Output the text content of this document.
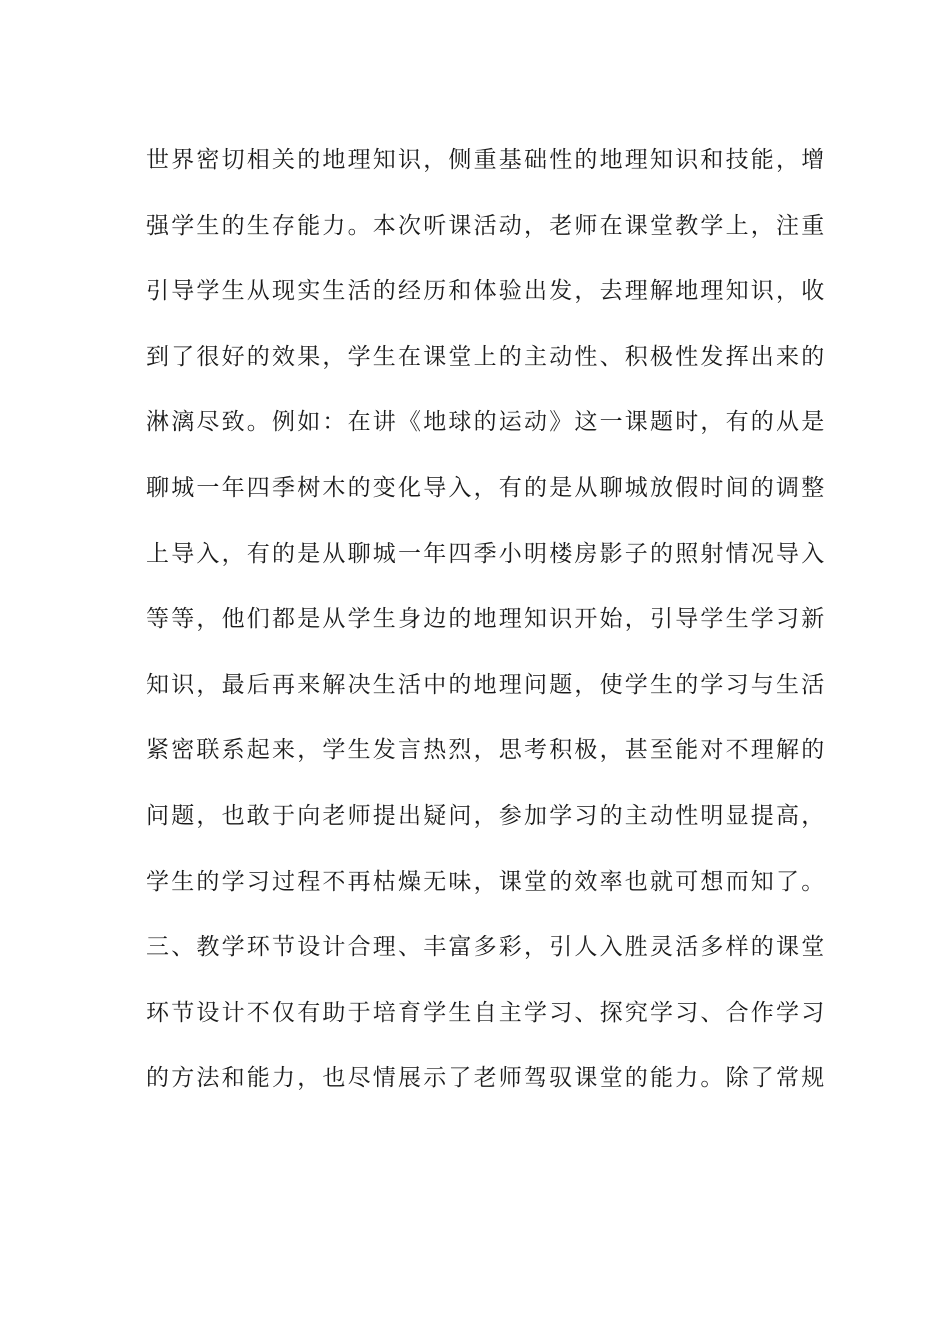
世界密切相关的地理知识，侧重基础性的地理知识和技能，增
强学生的生存能力。本次听课活动，老师在课堂教学上，注重
引导学生从现实生活的经历和体验出发，去理解地理知识，收
到了很好的效果，学生在课堂上的主动性、积极性发挥出来的
淋漓尽致。例如：在讲《地球的运动》这一课题时，有的从是
聊城一年四季树木的变化导入，有的是从聊城放假时间的调整
上导入，有的是从聊城一年四季小明楼房影子的照射情况导入
等等，他们都是从学生身边的地理知识开始，引导学生学习新
知识，最后再来解决生活中的地理问题，使学生的学习与生活
紧密联系起来，学生发言热烈，思考积极，甚至能对不理解的
问题，也敢于向老师提出疑问，参加学习的主动性明显提高，
学生的学习过程不再枯燥无味，课堂的效率也就可想而知了。
三、教学环节设计合理、丰富多彩，引人入胜灵活多样的课堂
环节设计不仅有助于培育学生自主学习、探究学习、合作学习
的方法和能力，也尽情展示了老师驾驭课堂的能力。除了常规
